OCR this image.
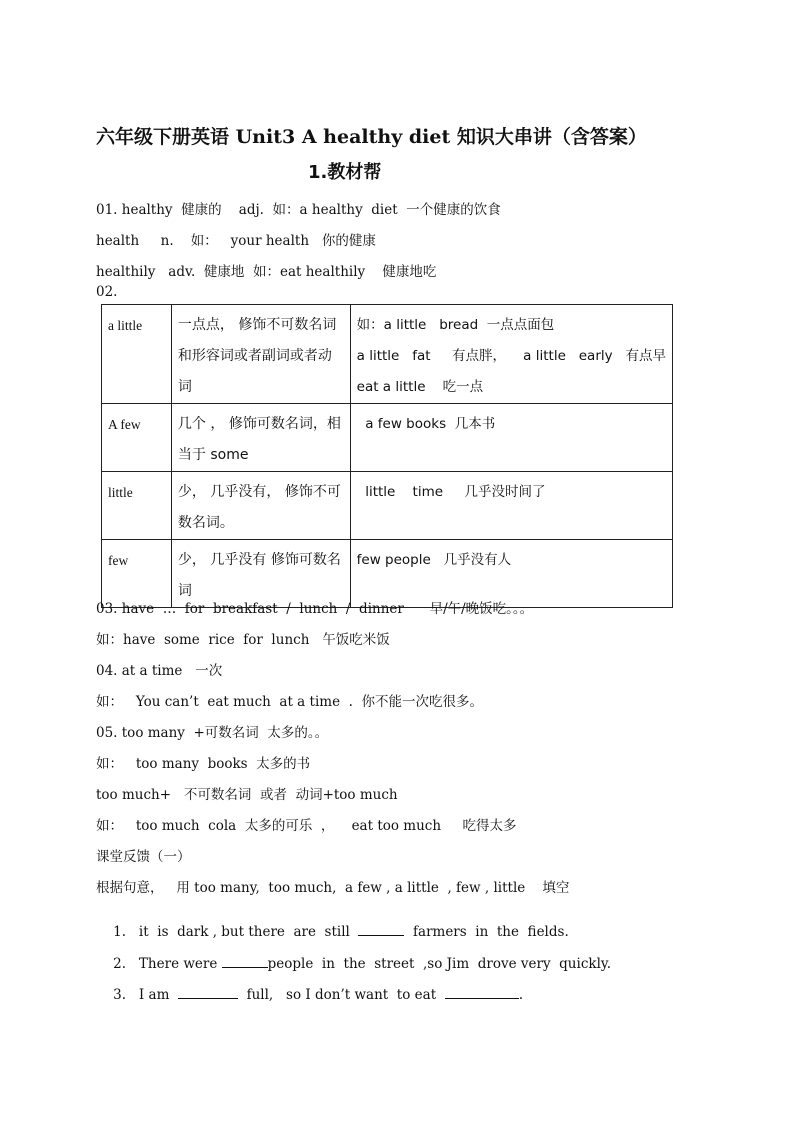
六年级下册英语 Unit3 A healthy diet 知识大串讲（含答案）
1.教材帮
01. healthy  健康的    adj.  如：a healthy  diet  一个健康的饮食
health     n.    如：   your health   你的健康
healthily   adv.  健康地  如：eat healthily    健康地吃
02.
a little	一点点， 修饰不可数名词和形容词或者副词或者动词	如：a little   bread  一点点面包
a little   fat     有点胖，    a little   early   有点早
eat a little    吃一点
A few	几个 ， 修饰可数名词，相当于 some	a few books  几本书
little	少， 几乎没有， 修饰不可数名词。	little    time     几乎没时间了
few	少， 几乎没有 修饰可数名词	few people   几乎没有人
03. have  …  for  breakfast  /  lunch  /  dinner      早/午/晚饭吃。。。
如：have  some  rice  for  lunch   午饭吃米饭
04. at a time   一次
如：   You can’t  eat much  at a time  .  你不能一次吃很多。
05. too many  +可数名词  太多的。。
如：   too many  books  太多的书
too much+   不可数名词  或者  动词+too much
如：   too much  cola  太多的可乐  ，    eat too much     吃得太多
课堂反馈（一）
根据句意，   用 too many,  too much,  a few , a little  , few , little    填空

1.   it  is  dark , but there  are  still	farmers  in  the  fields.

2.   There were	people  in  the  street  ,so Jim  drove very  quickly.

3.   I am	full,   so I don’t want  to eat	.
